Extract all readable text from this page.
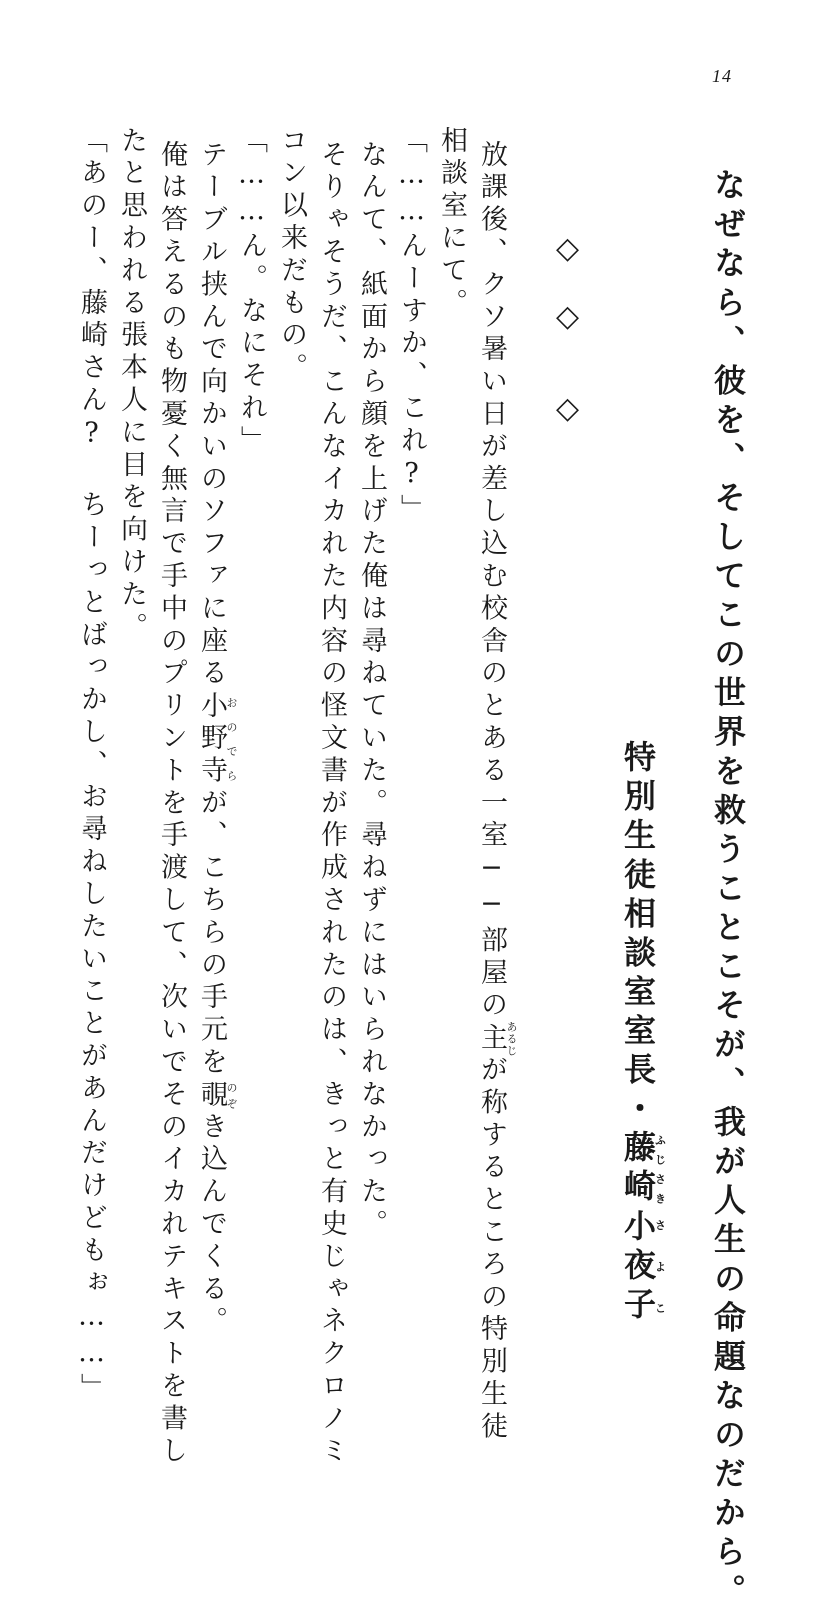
14
なぜなら、彼を、そしてこの世界を救うことこそが、我が人生の命題なのだから。
特別生徒相談室室長・藤崎ふじさき小夜子さよこ
◇
◇
◇
放課後、クソ暑い日が差し込む校舎のとある一室──部屋の主あるじが称するところの特別生徒
相談室にて。
「……んーすか、これ?」
なんて、紙面から顔を上げた俺は尋ねていた。尋ねずにはいられなかった。
そりゃそうだ、こんなイカれた内容の怪文書が作成されたのは、きっと有史じゃネクロノミ
コン以来だもの。
「……ん。なにそれ」
テーブル挟んで向かいのソファに座る小野寺おのでらが、こちらの手元を覗のぞき込んでくる。
俺は答えるのも物憂く無言で手中のプリントを手渡して、次いでそのイカれテキストを書し
たと思われる張本人に目を向けた。
「あのー、藤崎さん? ちーっとばっかし、お尋ねしたいことがあんだけどもぉ……」
